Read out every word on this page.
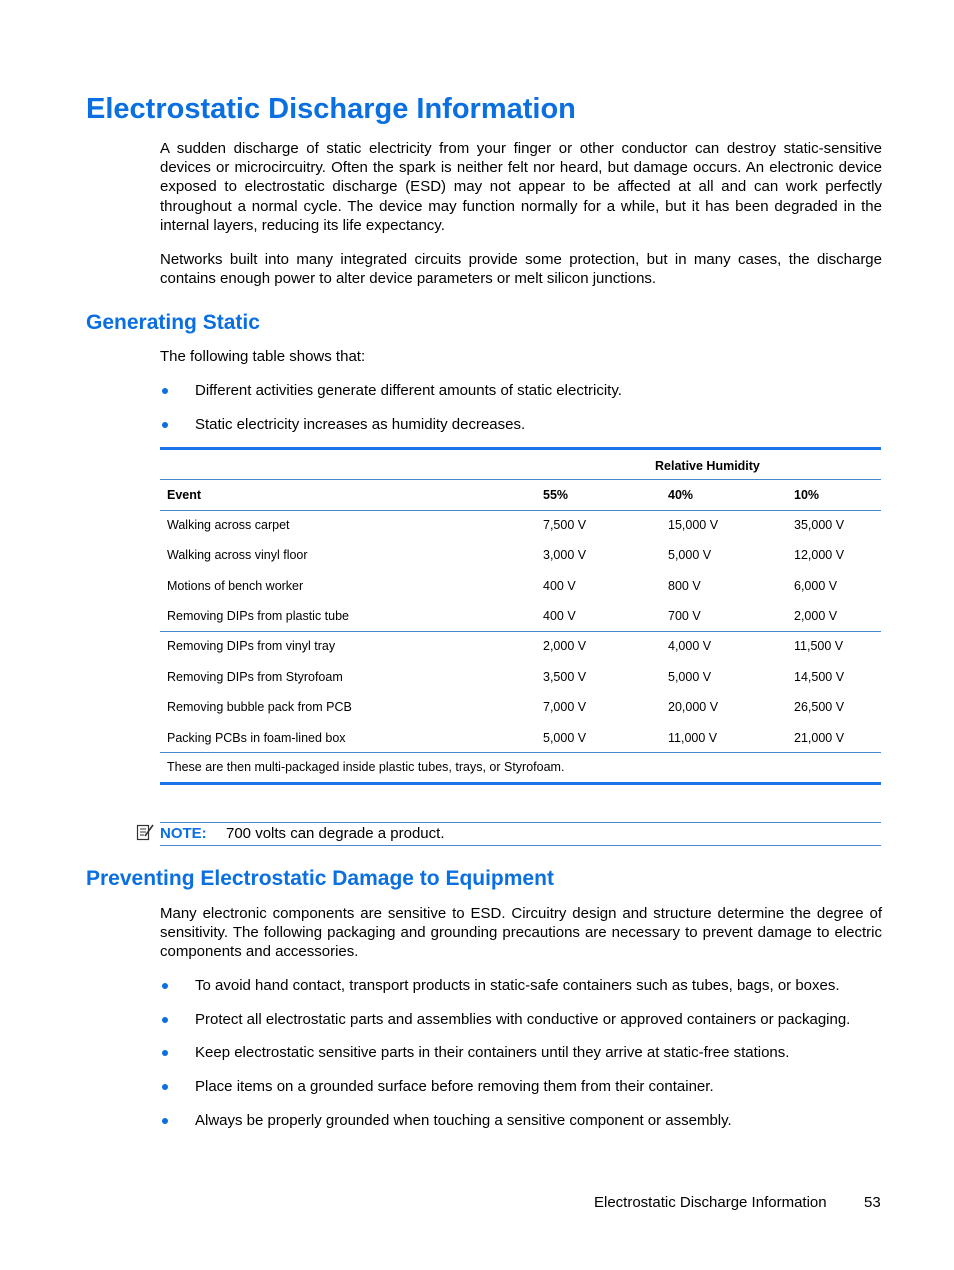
Electrostatic Discharge Information

A sudden discharge of static electricity from your finger or other conductor can destroy static-sensitive devices or microcircuitry. Often the spark is neither felt nor heard, but damage occurs. An electronic device exposed to electrostatic discharge (ESD) may not appear to be affected at all and can work perfectly throughout a normal cycle. The device may function normally for a while, but it has been degraded in the internal layers, reducing its life expectancy.

Networks built into many integrated circuits provide some protection, but in many cases, the discharge contains enough power to alter device parameters or melt silicon junctions.

Generating Static
The following table shows that:
Different activities generate different amounts of static electricity.
Static electricity increases as humidity decreases.
Relative Humidity
Event	55%	40%	10%
Walking across carpet	7,500 V	15,000 V	35,000 V
Walking across vinyl floor	3,000 V	5,000 V	12,000 V
Motions of bench worker	400 V	800 V	6,000 V
Removing DIPs from plastic tube	400 V	700 V	2,000 V
Removing DIPs from vinyl tray	2,000 V	4,000 V	11,500 V
Removing DIPs from Styrofoam	3,500 V	5,000 V	14,500 V
Removing bubble pack from PCB	7,000 V	20,000 V	26,500 V
Packing PCBs in foam-lined box	5,000 V	11,000 V	21,000 V
These are then multi-packaged inside plastic tubes, trays, or Styrofoam.
NOTE: 700 volts can degrade a product.
Preventing Electrostatic Damage to Equipment

Many electronic components are sensitive to ESD. Circuitry design and structure determine the degree of sensitivity. The following packaging and grounding precautions are necessary to prevent damage to electric components and accessories.

To avoid hand contact, transport products in static-safe containers such as tubes, bags, or boxes.
Protect all electrostatic parts and assemblies with conductive or approved containers or packaging.
Keep electrostatic sensitive parts in their containers until they arrive at static-free stations.
Place items on a grounded surface before removing them from their container.
Always be properly grounded when touching a sensitive component or assembly.
Electrostatic Discharge Information 53
